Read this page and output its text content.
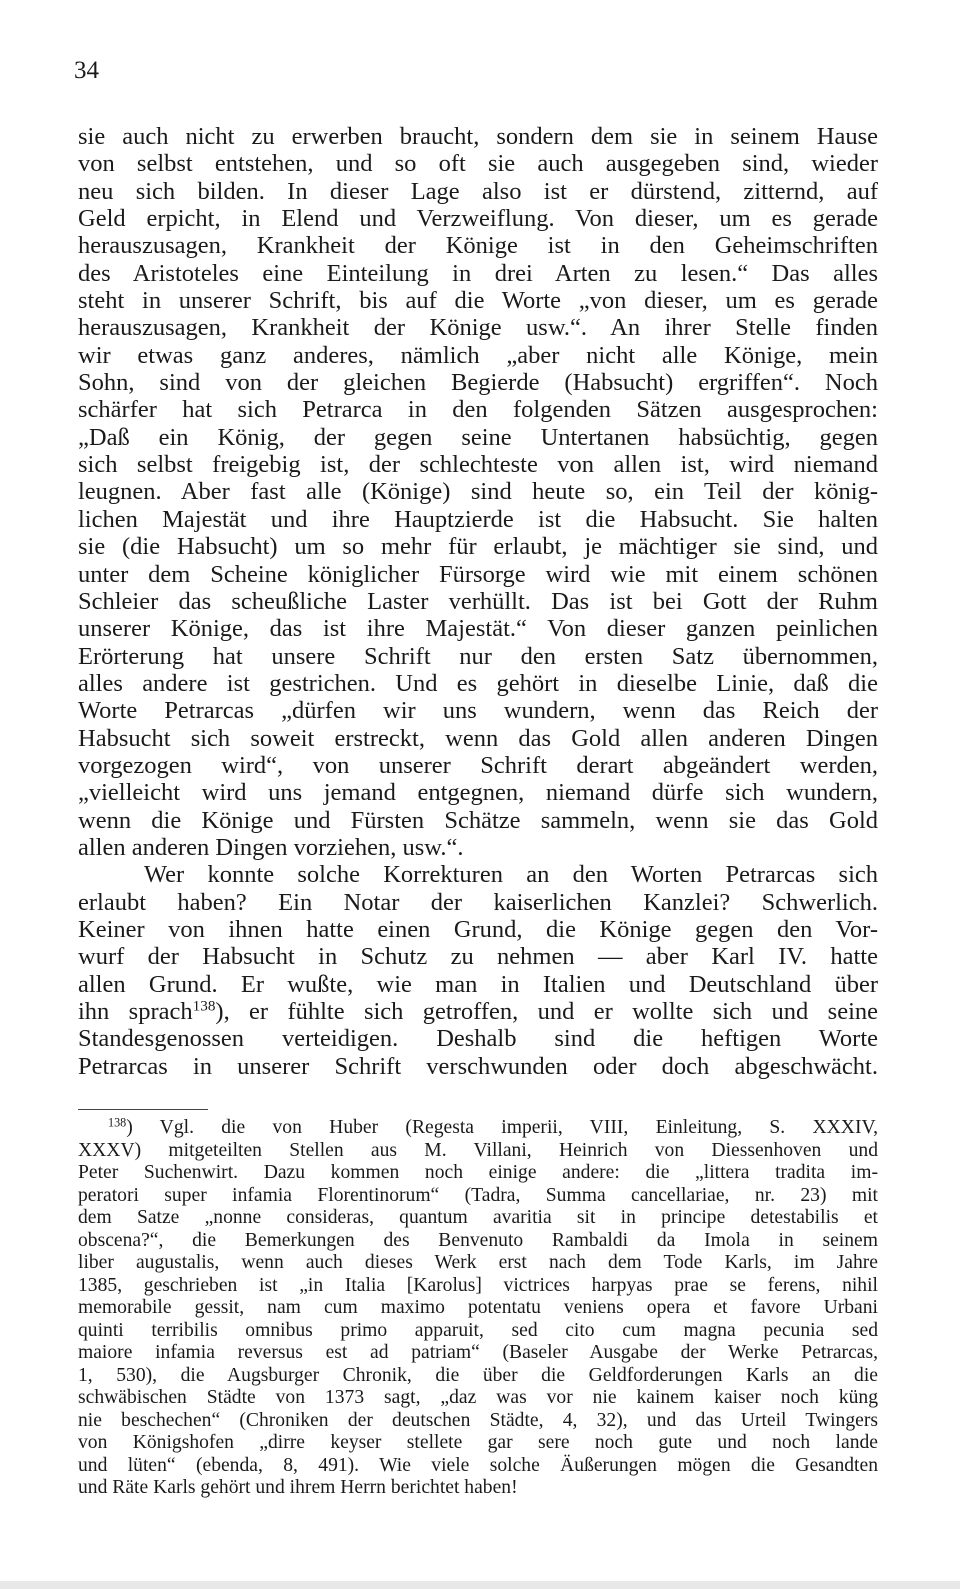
34
sie auch nicht zu erwerben braucht, sondern dem sie in seinem Hause
von selbst entstehen, und so oft sie auch ausgegeben sind, wieder
neu sich bilden. In dieser Lage also ist er dürstend, zitternd, auf
Geld erpicht, in Elend und Verzweiflung. Von dieser, um es gerade
herauszusagen, Krankheit der Könige ist in den Geheimschriften
des Aristoteles eine Einteilung in drei Arten zu lesen.“ Das alles
steht in unserer Schrift, bis auf die Worte „von dieser, um es gerade
herauszusagen, Krankheit der Könige usw.“. An ihrer Stelle finden
wir etwas ganz anderes, nämlich „aber nicht alle Könige, mein
Sohn, sind von der gleichen Begierde (Habsucht) ergriffen“. Noch
schärfer hat sich Petrarca in den folgenden Sätzen ausgesprochen:
„Daß ein König, der gegen seine Untertanen habsüchtig, gegen
sich selbst freigebig ist, der schlechteste von allen ist, wird niemand
leugnen. Aber fast alle (Könige) sind heute so, ein Teil der könig-
lichen Majestät und ihre Hauptzierde ist die Habsucht. Sie halten
sie (die Habsucht) um so mehr für erlaubt, je mächtiger sie sind, und
unter dem Scheine königlicher Fürsorge wird wie mit einem schönen
Schleier das scheußliche Laster verhüllt. Das ist bei Gott der Ruhm
unserer Könige, das ist ihre Majestät.“ Von dieser ganzen peinlichen
Erörterung hat unsere Schrift nur den ersten Satz übernommen,
alles andere ist gestrichen. Und es gehört in dieselbe Linie, daß die
Worte Petrarcas „dürfen wir uns wundern, wenn das Reich der
Habsucht sich soweit erstreckt, wenn das Gold allen anderen Dingen
vorgezogen wird“, von unserer Schrift derart abgeändert werden,
„vielleicht wird uns jemand entgegnen, niemand dürfe sich wundern,
wenn die Könige und Fürsten Schätze sammeln, wenn sie das Gold
allen anderen Dingen vorziehen, usw.“.
Wer konnte solche Korrekturen an den Worten Petrarcas sich
erlaubt haben? Ein Notar der kaiserlichen Kanzlei? Schwerlich.
Keiner von ihnen hatte einen Grund, die Könige gegen den Vor-
wurf der Habsucht in Schutz zu nehmen — aber Karl IV. hatte
allen Grund. Er wußte, wie man in Italien und Deutschland über
ihn sprach$^{138}$), er fühlte sich getroffen, und er wollte sich und seine
Standesgenossen verteidigen. Deshalb sind die heftigen Worte
Petrarcas in unserer Schrift verschwunden oder doch abgeschwächt.
$^{138}$) Vgl. die von Huber (Regesta imperii, VIII, Einleitung, S. XXXIV,
XXXV) mitgeteilten Stellen aus M. Villani, Heinrich von Diessenhoven und
Peter Suchenwirt. Dazu kommen noch einige andere: die „littera tradita im-
peratori super infamia Florentinorum“ (Tadra, Summa cancellariae, nr. 23) mit
dem Satze „nonne consideras, quantum avaritia sit in principe detestabilis et
obscena?“, die Bemerkungen des Benvenuto Rambaldi da Imola in seinem
liber augustalis, wenn auch dieses Werk erst nach dem Tode Karls, im Jahre
1385, geschrieben ist „in Italia [Karolus] victrices harpyas prae se ferens, nihil
memorabile gessit, nam cum maximo potentatu veniens opera et favore Urbani
quinti terribilis omnibus primo apparuit, sed cito cum magna pecunia sed
maiore infamia reversus est ad patriam“ (Baseler Ausgabe der Werke Petrarcas,
1, 530), die Augsburger Chronik, die über die Geldforderungen Karls an die
schwäbischen Städte von 1373 sagt, „daz was vor nie kainem kaiser noch küng
nie beschechen“ (Chroniken der deutschen Städte, 4, 32), und das Urteil Twingers
von Königshofen „dirre keyser stellete gar sere noch gute und noch lande
und lüten“ (ebenda, 8, 491). Wie viele solche Äußerungen mögen die Gesandten
und Räte Karls gehört und ihrem Herrn berichtet haben!
